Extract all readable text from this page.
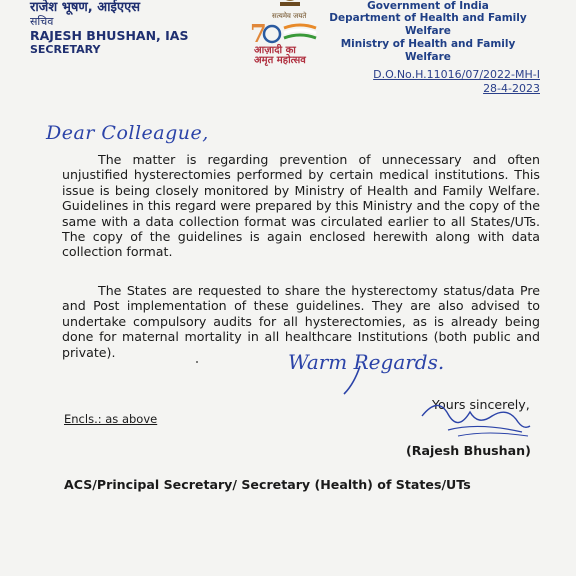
राजेश भूषण, आईएएस
सचिव
RAJESH BHUSHAN, IAS
SECRETARY
सत्यमेव जयते
7
आज़ादी का
अमृत महोत्सव
Government of India
Department of Health and Family Welfare
Ministry of Health and Family Welfare
D.O.No.H.11016/07/2022-MH-I
28-4-2023
Dear Colleague,
The matter is regarding prevention of unnecessary and often unjustified hysterectomies performed by certain medical institutions. This issue is being closely monitored by Ministry of Health and Family Welfare. Guidelines in this regard were prepared by this Ministry and the copy of the same with a data collection format was circulated earlier to all States/UTs. The copy of the guidelines is again enclosed herewith along with data collection format.
The States are requested to share the hysterectomy status/data Pre and Post implementation of these guidelines. They are also advised to undertake compulsory audits for all hysterectomies, as is already being done for maternal mortality in all healthcare Institutions (both public and private).	Warm Regards.
Encls.: as above
Yours sincerely,
(Rajesh Bhushan)
ACS/Principal Secretary/ Secretary (Health) of States/UTs
